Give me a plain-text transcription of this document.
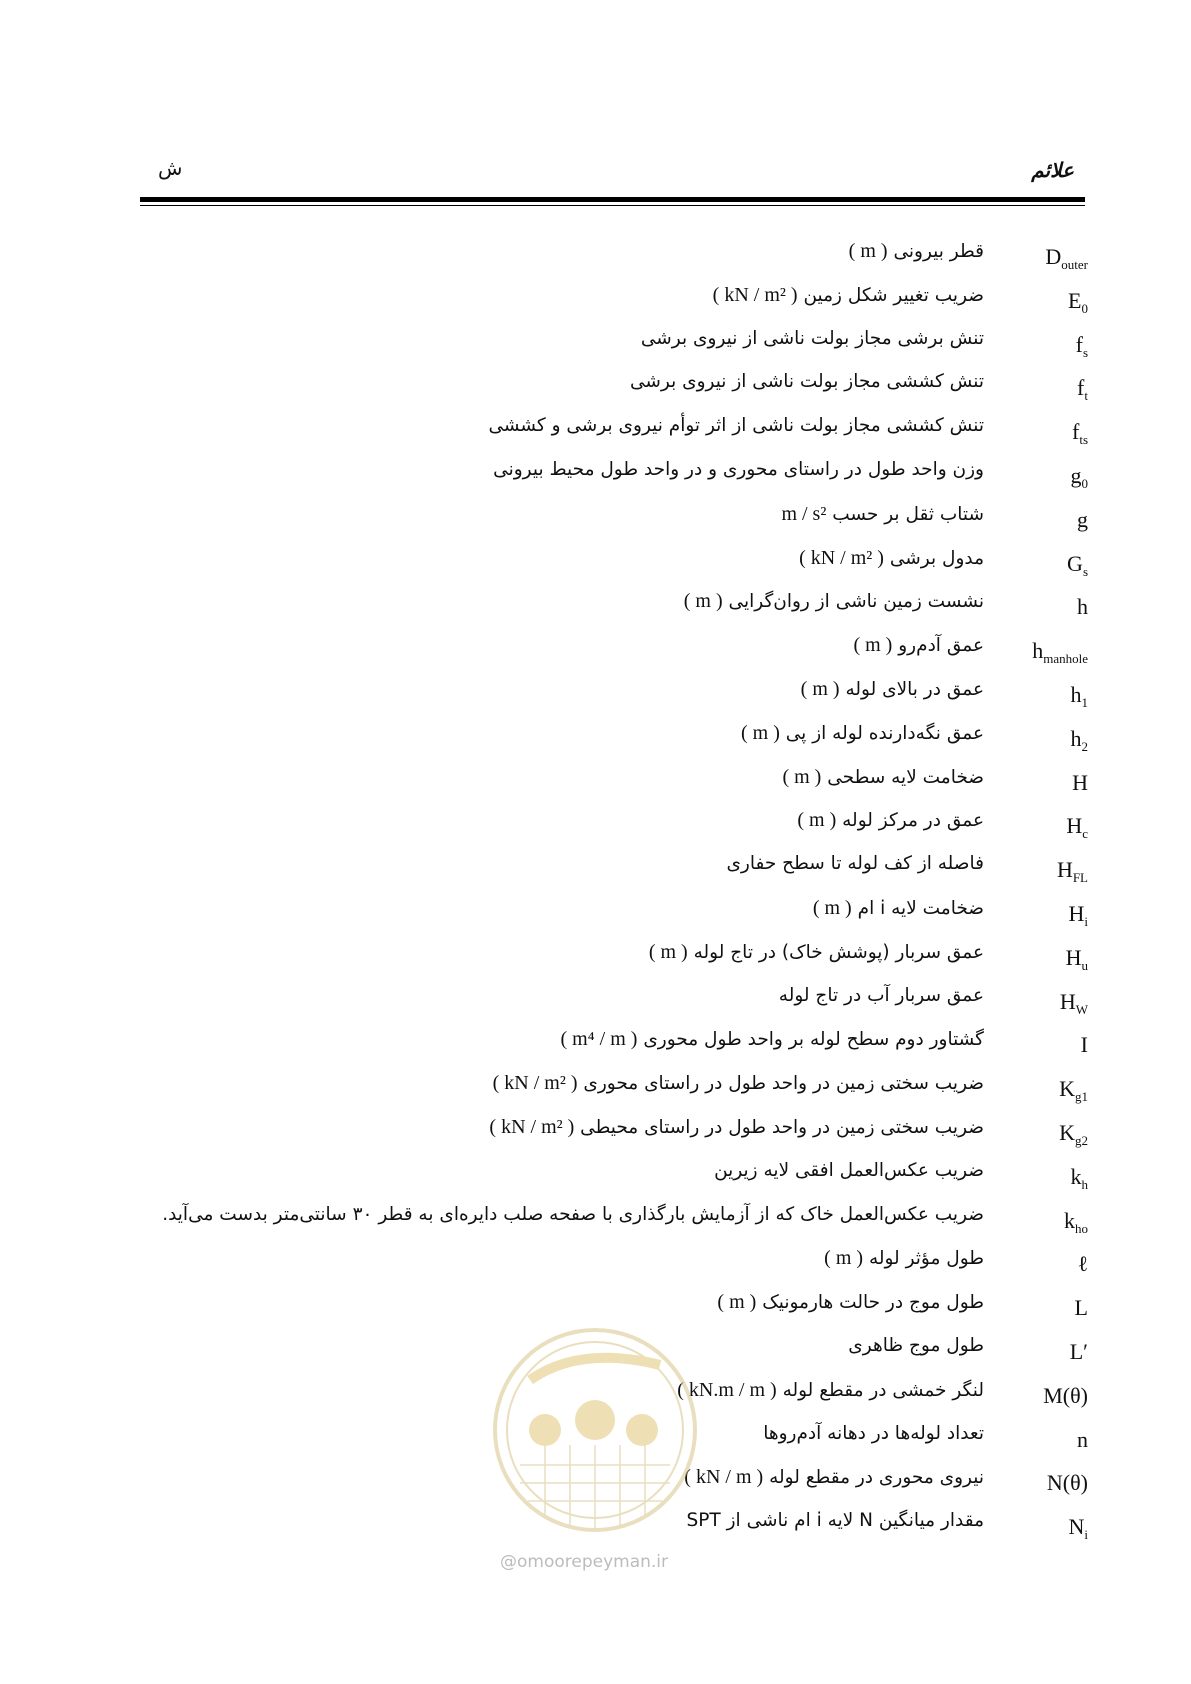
علائم
ش
$D_{outer}$
قطر بیرونی ( m )
$E_0$
ضریب تغییر شکل زمین ( kN / m² )
$f_s$
تنش برشی مجاز بولت ناشی از نیروی برشی
$f_t$
تنش کششی مجاز بولت ناشی از نیروی برشی
$f_{ts}$
تنش کششی مجاز بولت ناشی از اثر توأم نیروی برشی و کششی
$g_0$
وزن واحد طول در راستای محوری و در واحد طول محیط بیرونی
g
شتاب ثقل بر حسب m / s²
$G_s$
مدول برشی ( kN / m² )
h
نشست زمین ناشی از روان‌گرایی ( m )
$h_{manhole}$
عمق آدم‌رو ( m )
$h_1$
عمق در بالای لوله ( m )
$h_2$
عمق نگه‌دارنده لوله از پی ( m )
H
ضخامت لایه سطحی ( m )
$H_c$
عمق در مرکز لوله ( m )
$H_{FL}$
فاصله از کف لوله تا سطح حفاری
$H_i$
ضخامت لایه i ام ( m )
$H_u$
عمق سربار (پوشش خاک) در تاج لوله ( m )
$H_W$
عمق سربار آب در تاج لوله
I
گشتاور دوم سطح لوله بر واحد طول محوری ( m⁴ / m )
$K_{g1}$
ضریب سختی زمین در واحد طول در راستای محوری ( kN / m² )
$K_{g2}$
ضریب سختی زمین در واحد طول در راستای محیطی ( kN / m² )
$k_h$
ضریب عکس‌العمل افقی لایه زیرین
$k_{ho}$
ضریب عکس‌العمل خاک که از آزمایش بارگذاری با صفحه صلب دایره‌ای به قطر ۳۰ سانتی‌متر بدست می‌آید.
ℓ
طول مؤثر لوله ( m )
L
طول موج در حالت هارمونیک ( m )
L′
طول موج ظاهری
M(θ)
لنگر خمشی در مقطع لوله ( kN.m / m )
n
تعداد لوله‌ها در دهانه آدم‌روها
N(θ)
نیروی محوری در مقطع لوله ( kN / m )
$N_i$
مقدار میانگین N لایه i ام ناشی از SPT
@omoorepeyman.ir
